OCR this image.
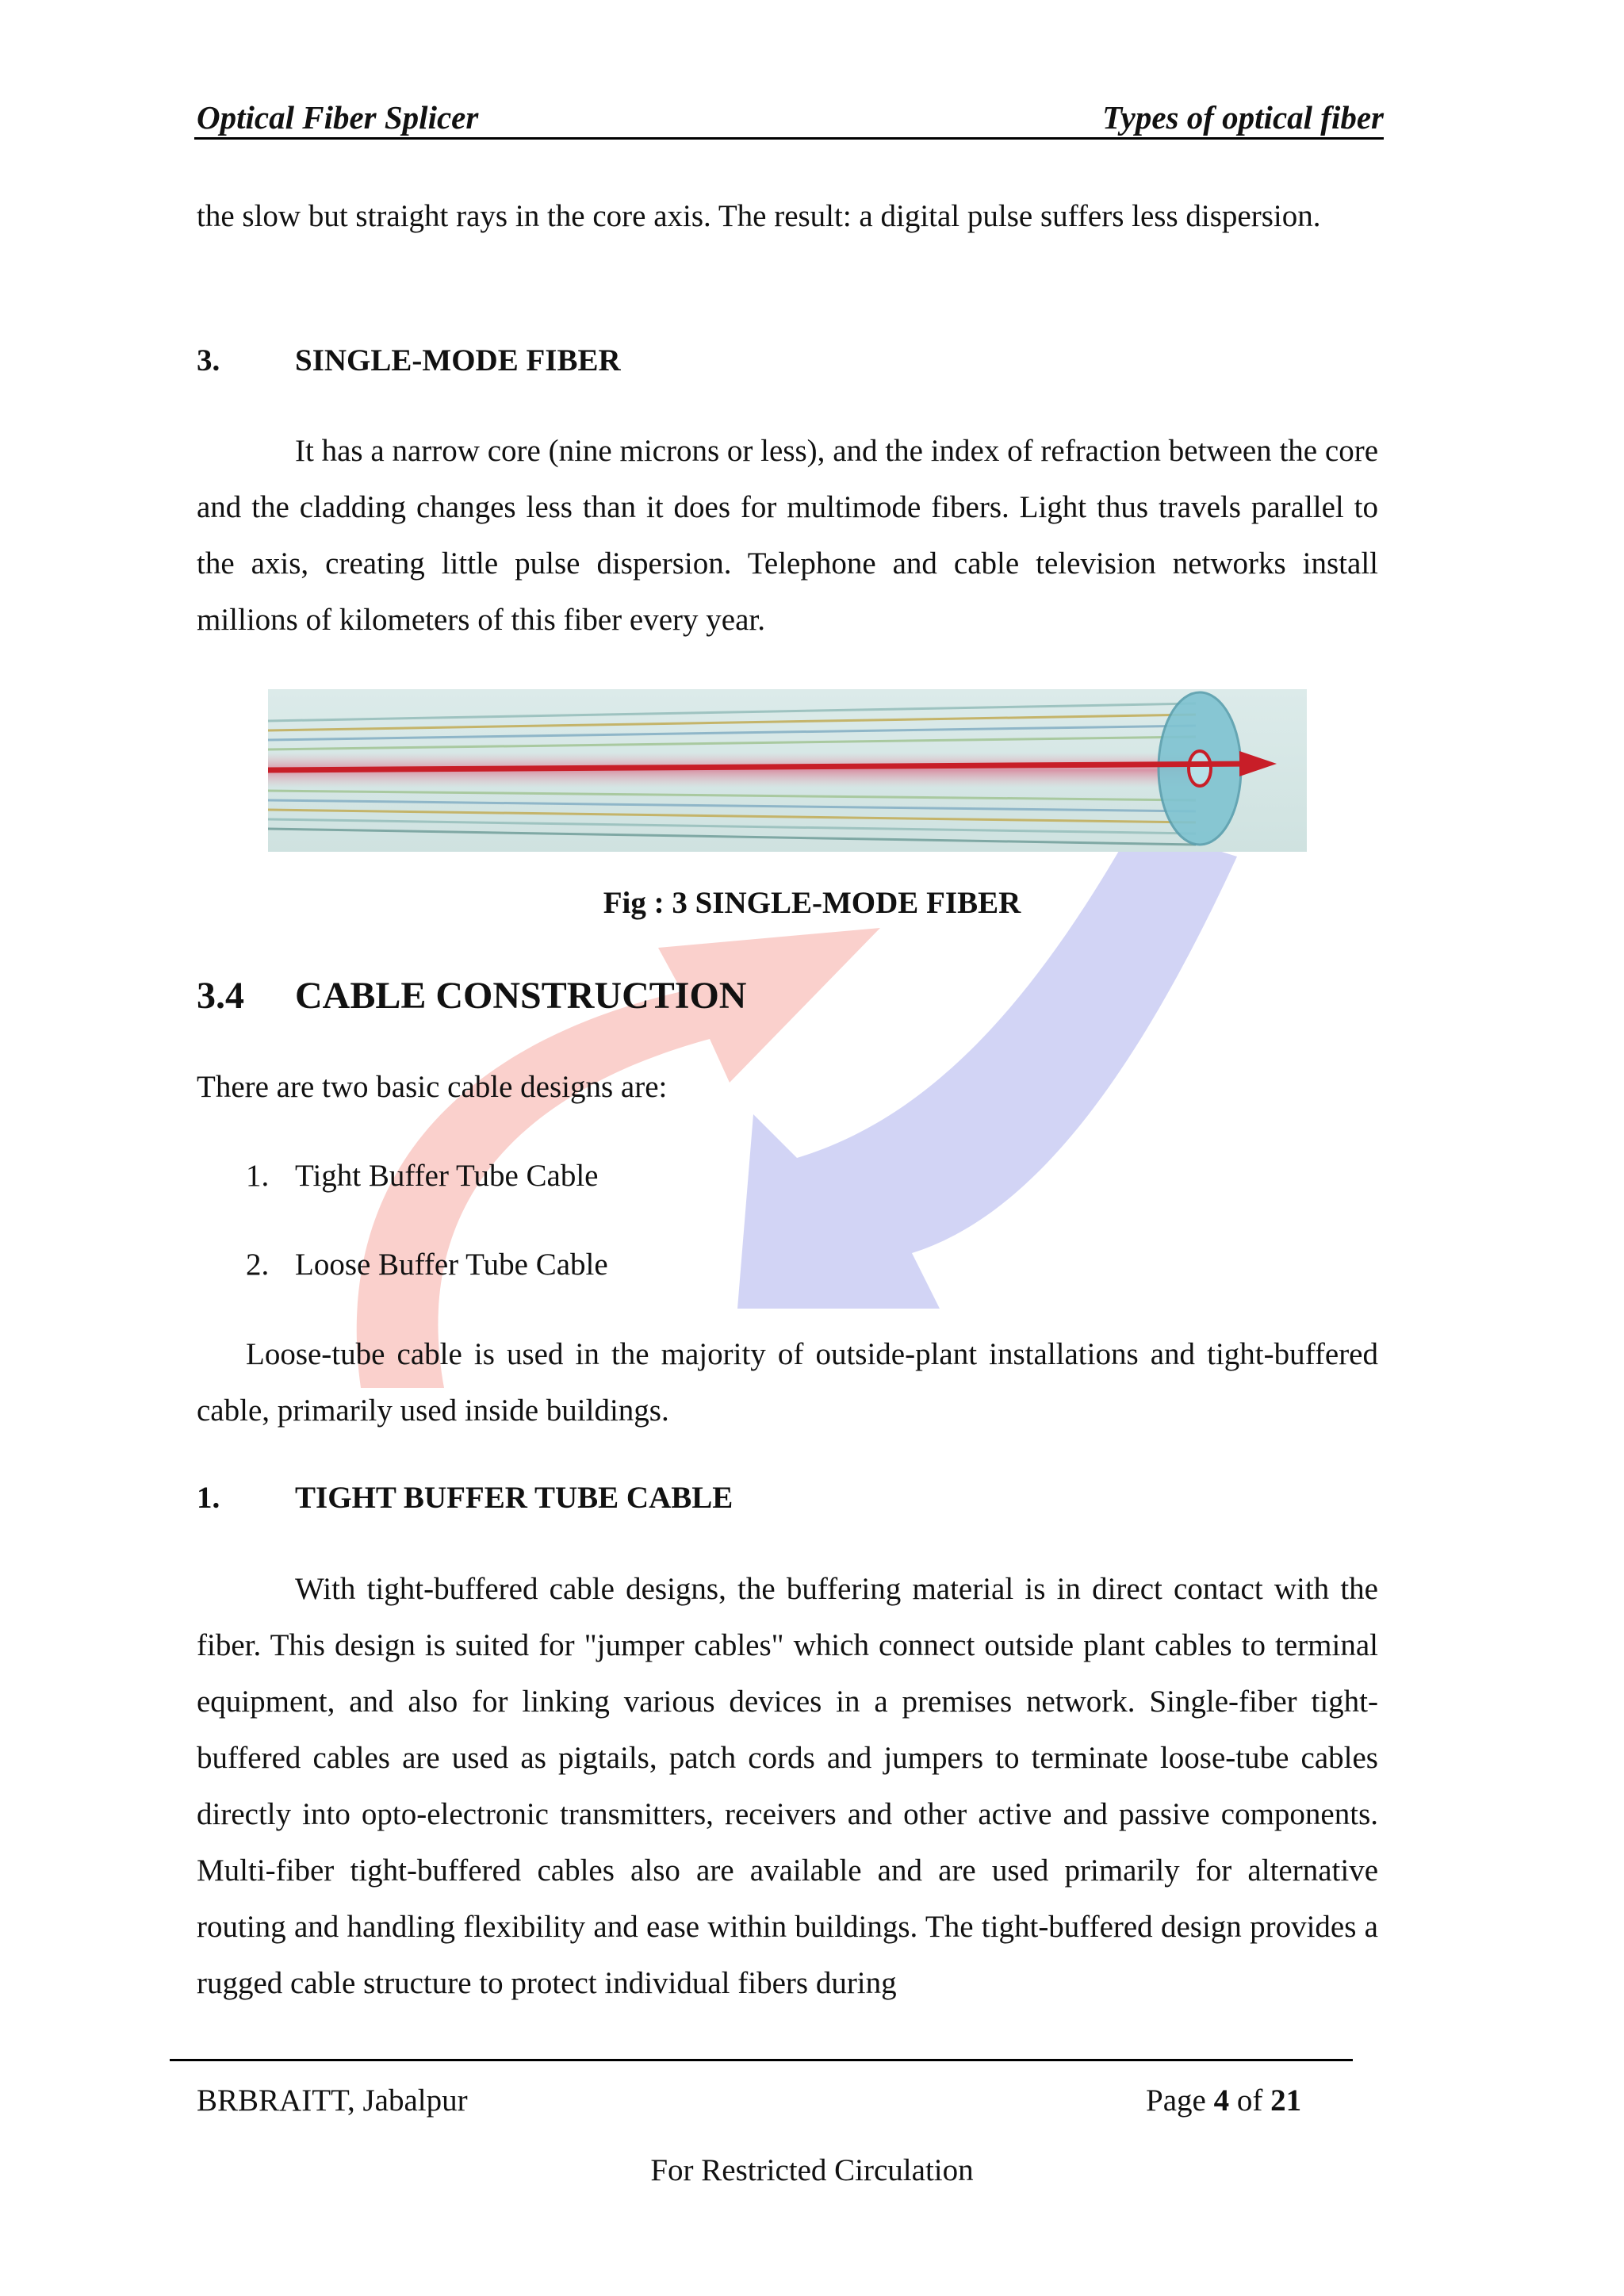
Optical Fiber Splicer	Types of optical fiber
the slow but straight rays in the core axis. The result: a digital pulse suffers less dispersion.
3. SINGLE-MODE FIBER
It has a narrow core (nine microns or less), and the index of refraction between the core and the cladding changes less than it does for multimode fibers. Light thus travels parallel to the axis, creating little pulse dispersion. Telephone and cable television networks install millions of kilometers of this fiber every year.
Fig : 3 SINGLE-MODE FIBER
3.4 CABLE CONSTRUCTION
There are two basic cable designs are:
1. Tight Buffer Tube Cable
2. Loose Buffer Tube Cable
Loose-tube cable is used in the majority of outside-plant installations and tight-buffered cable, primarily used inside buildings.
1. TIGHT BUFFER TUBE CABLE
With tight-buffered cable designs, the buffering material is in direct contact with the fiber. This design is suited for "jumper cables" which connect outside plant cables to terminal equipment, and also for linking various devices in a premises network. Single-fiber tight-buffered cables are used as pigtails, patch cords and jumpers to terminate loose-tube cables directly into opto-electronic transmitters, receivers and other active and passive components. Multi-fiber tight-buffered cables also are available and are used primarily for alternative routing and handling flexibility and ease within buildings. The tight-buffered design provides a rugged cable structure to protect individual fibers during
BRBRAITT, Jabalpur	Page 4 of 21
For Restricted Circulation
